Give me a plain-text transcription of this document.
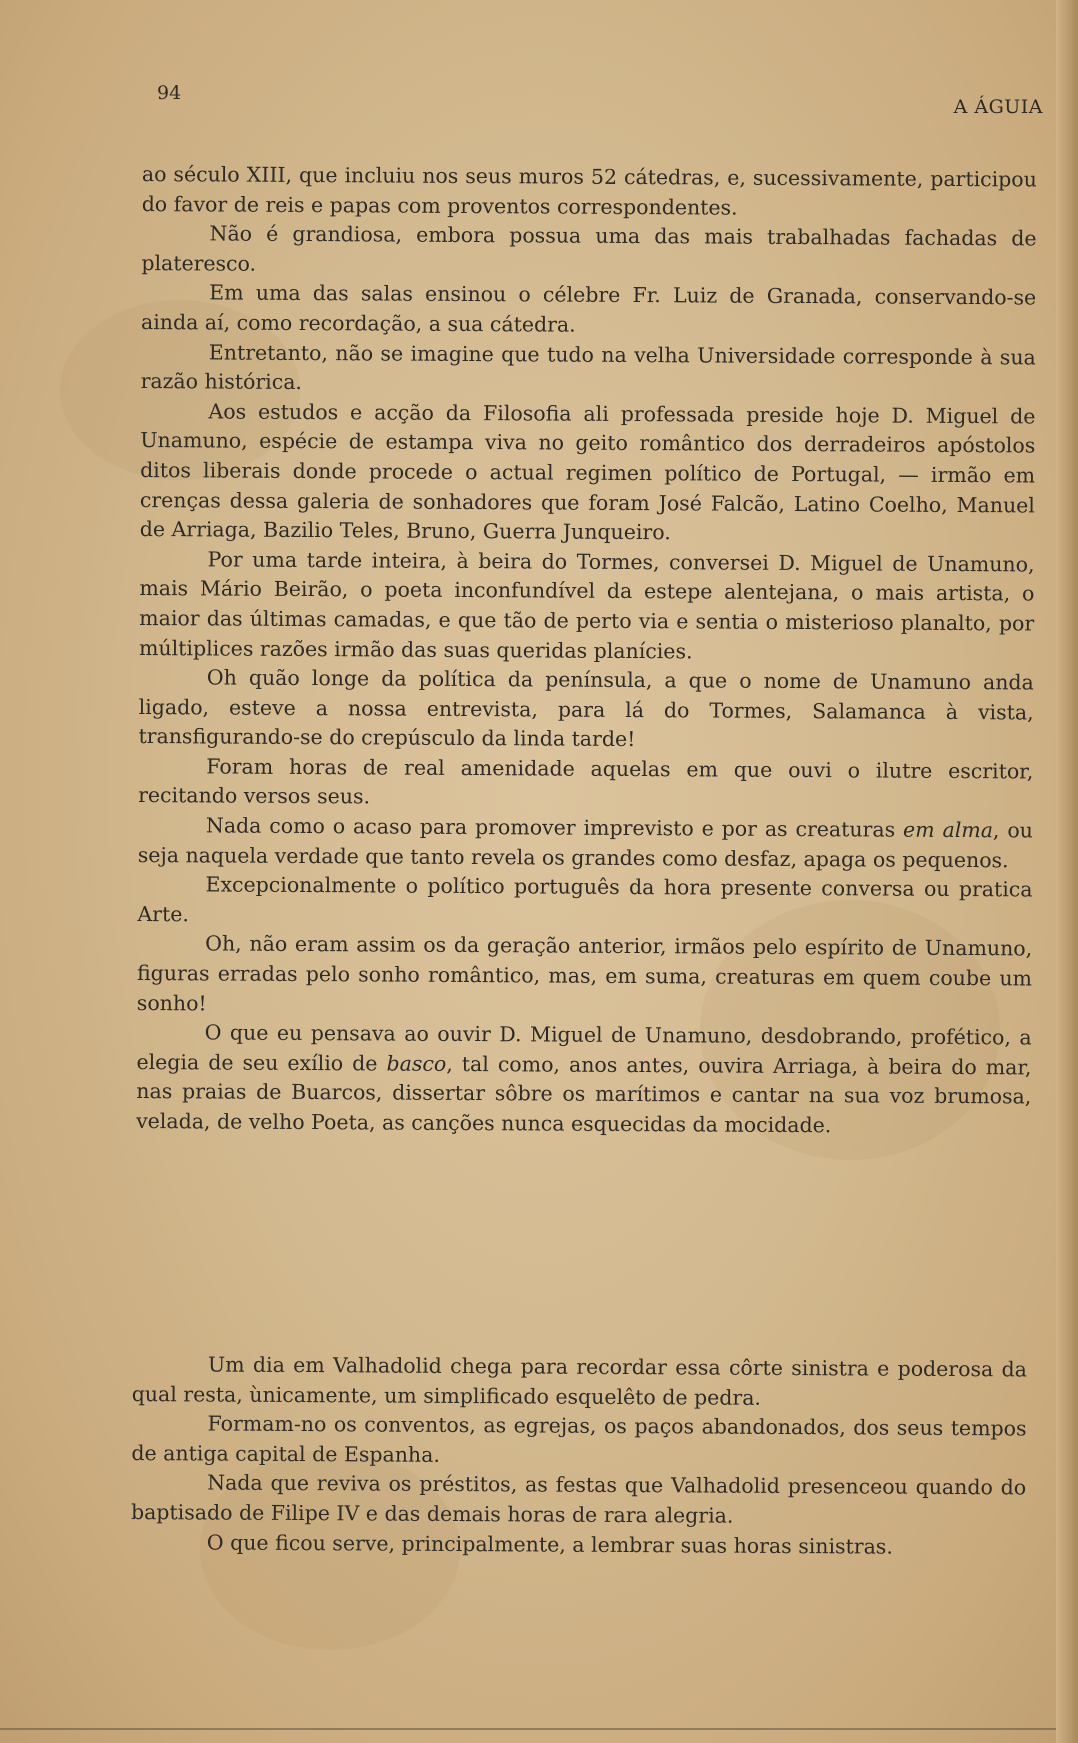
94
A ÁGUIA

ao século XIII, que incluiu nos seus muros 52 cátedras, e, sucessivamente, participou do favor de reis e papas com proventos correspondentes.

Não é grandiosa, embora possua uma das mais trabalhadas fachadas de plateresco.

Em uma das salas ensinou o célebre Fr. Luiz de Granada, conservando-se ainda aí, como recordação, a sua cátedra.

Entretanto, não se imagine que tudo na velha Universidade corresponde à sua razão histórica.

Aos estudos e acção da Filosofia ali professada preside hoje D. Miguel de Unamuno, espécie de estampa viva no geito romântico dos derradeiros apóstolos ditos liberais donde procede o actual regimen político de Portugal, — irmão em crenças dessa galeria de sonhadores que foram José Falcão, Latino Coelho, Manuel de Arriaga, Bazilio Teles, Bruno, Guerra Junqueiro.

Por uma tarde inteira, à beira do Tormes, conversei D. Miguel de Unamuno, mais Mário Beirão, o poeta inconfundível da estepe alentejana, o mais artista, o maior das últimas camadas, e que tão de perto via e sentia o misterioso planalto, por múltiplices razões irmão das suas queridas planícies.

Oh quão longe da política da península, a que o nome de Unamuno anda ligado, esteve a nossa entrevista, para lá do Tormes, Salamanca à vista, transfigurando-se do crepúsculo da linda tarde!

Foram horas de real amenidade aquelas em que ouvi o ilutre escritor, recitando versos seus.

Nada como o acaso para promover imprevisto e por as creaturas em alma, ou seja naquela verdade que tanto revela os grandes como desfaz, apaga os pequenos.

Excepcionalmente o político português da hora presente conversa ou pratica Arte.

Oh, não eram assim os da geração anterior, irmãos pelo espírito de Unamuno, figuras erradas pelo sonho romântico, mas, em suma, creaturas em quem coube um sonho!

O que eu pensava ao ouvir D. Miguel de Unamuno, desdobrando, profético, a elegia de seu exílio de basco, tal como, anos antes, ouvira Arriaga, à beira do mar, nas praias de Buarcos, dissertar sôbre os marítimos e cantar na sua voz brumosa, velada, de velho Poeta, as canções nunca esquecidas da mocidade.

Um dia em Valhadolid chega para recordar essa côrte sinistra e poderosa da qual resta, ùnicamente, um simplificado esquelêto de pedra.

Formam-no os conventos, as egrejas, os paços abandonados, dos seus tempos de antiga capital de Espanha.

Nada que reviva os préstitos, as festas que Valhadolid presenceou quando do baptisado de Filipe IV e das demais horas de rara alegria.

O que ficou serve, principalmente, a lembrar suas horas sinistras.
